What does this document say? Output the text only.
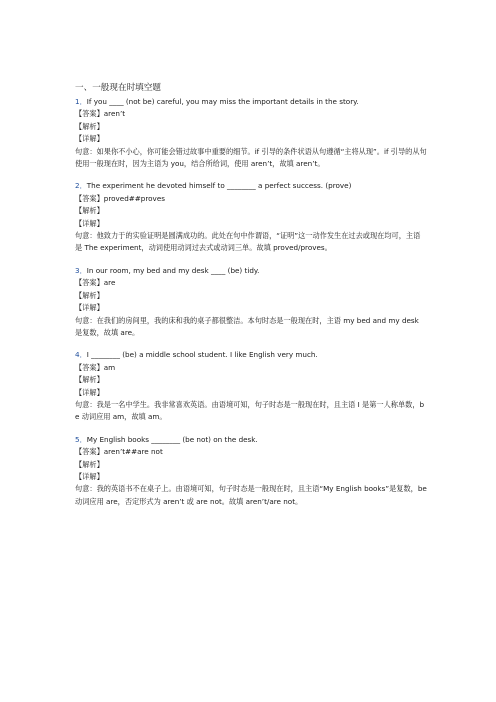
一、一般现在时填空题
1．If you ____ (not be) careful, you may miss the important details in the story.
【答案】aren’t
【解析】
【详解】
句意：如果你不小心，你可能会错过故事中重要的细节。if 引导的条件状语从句遵循“主将从现”。if 引导的从句使用一般现在时，因为主语为 you，结合所给词，使用 aren’t，故填 aren’t。
2．The experiment he devoted himself to ________ a perfect success. (prove)
【答案】proved##proves
【解析】
【详解】
句意：他致力于的实验证明是圆满成功的。此处在句中作谓语，“证明”这一动作发生在过去或现在均可，主语是 The experiment，动词使用动词过去式或动词三单。故填 proved/proves。
3．In our room, my bed and my desk ____ (be) tidy.
【答案】are
【解析】
【详解】
句意：在我们的房间里，我的床和我的桌子都很整洁。本句时态是一般现在时，主语 my bed and my desk 是复数，故填 are。
4．I ________ (be) a middle school student. I like English very much.
【答案】am
【解析】
【详解】
句意：我是一名中学生。我非常喜欢英语。由语境可知，句子时态是一般现在时，且主语 I 是第一人称单数，be 动词应用 am，故填 am。
5．My English books ________ (be not) on the desk.
【答案】aren’t##are not
【解析】
【详解】
句意：我的英语书不在桌子上。由语境可知，句子时态是一般现在时，且主语“My English books”是复数，be 动词应用 are，否定形式为 aren’t 或 are not。故填 aren’t/are not。
